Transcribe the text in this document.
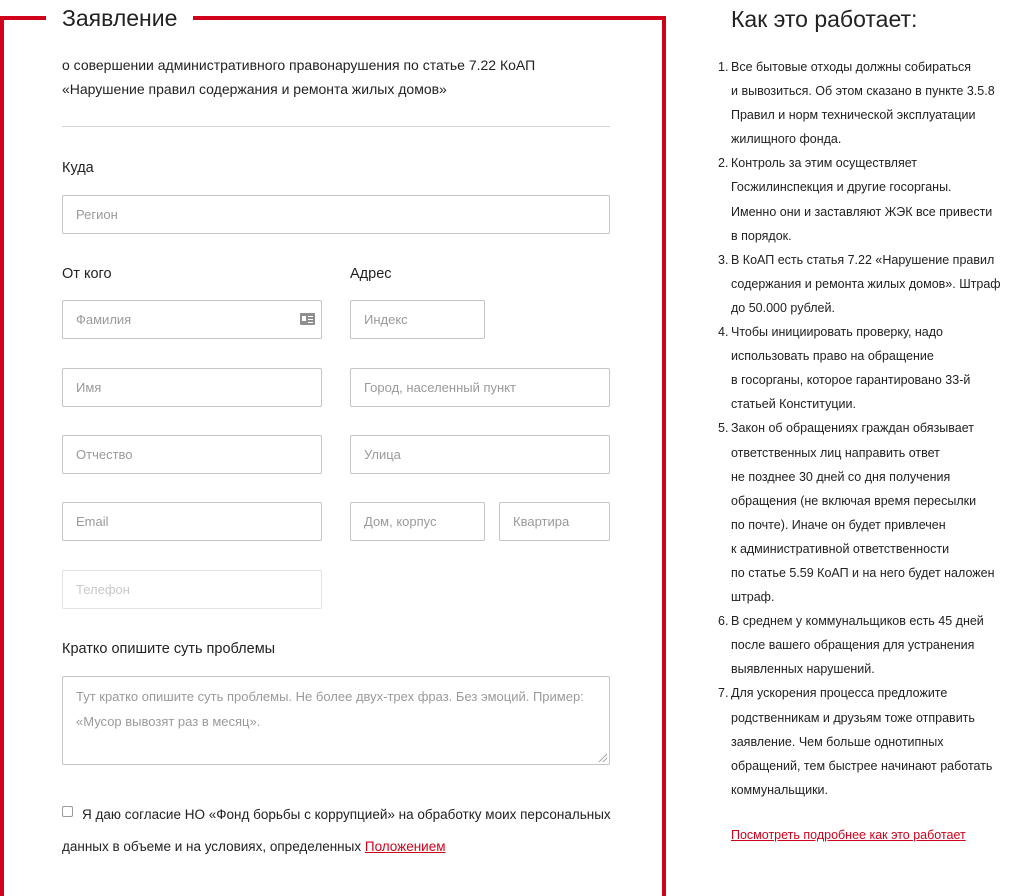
Заявление
о совершении административного правонарушения по статье 7.22 КоАП
«Нарушение правил содержания и ремонта жилых домов»
Куда
Регион
От кого	Адрес
Фамилия
Имя
Отчество
Email
Телефон
Индекс
Город, населенный пункт
Улица
Дом, корпус	Квартира
Кратко опишите суть проблемы
Тут кратко опишите суть проблемы. Не более двух-трех фраз. Без эмоций. Пример:
«Мусор вывозят раз в месяц».
Я даю согласие НО «Фонд борьбы с коррупцией» на обработку моих персональных
данных в объеме и на условиях, определенных Положением
Как это работает:
1. Все бытовые отходы должны собираться
и вывозиться. Об этом сказано в пункте 3.5.8
Правил и норм технической эксплуатации
жилищного фонда.
2. Контроль за этим осуществляет
Госжилинспекция и другие госорганы.
Именно они и заставляют ЖЭК все привести
в порядок.
3. В КоАП есть статья 7.22 «Нарушение правил
содержания и ремонта жилых домов». Штраф
до 50.000 рублей.
4. Чтобы инициировать проверку, надо
использовать право на обращение
в госорганы, которое гарантировано 33-й
статьей Конституции.
5. Закон об обращениях граждан обязывает
ответственных лиц направить ответ
не позднее 30 дней со дня получения
обращения (не включая время пересылки
по почте). Иначе он будет привлечен
к административной ответственности
по статье 5.59 КоАП и на него будет наложен
штраф.
6. В среднем у коммунальщиков есть 45 дней
после вашего обращения для устранения
выявленных нарушений.
7. Для ускорения процесса предложите
родственникам и друзьям тоже отправить
заявление. Чем больше однотипных
обращений, тем быстрее начинают работать
коммунальщики.
Посмотреть подробнее как это работает
